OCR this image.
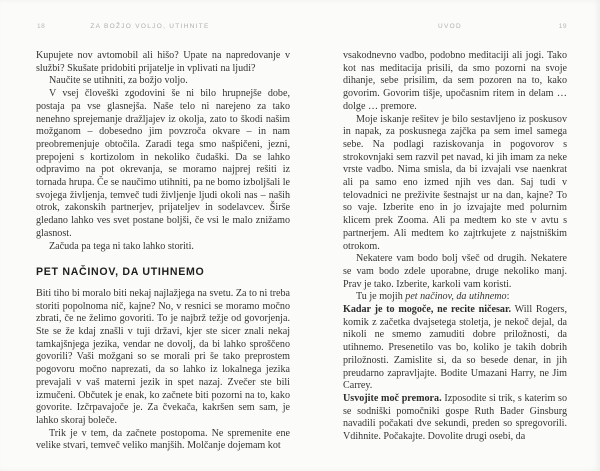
18	ZA BOŽJO VOLJO, UTIHNITE

Kupujete nov avtomobil ali hišo? Upate na napredovanje v službi? Skušate pridobiti prijatelje in vplivati na ljudi?

Naučite se utihniti, za božjo voljo.

V vsej človeški zgodovini še ni bilo hrupnejše dobe, postaja pa vse glasnejša. Naše telo ni narejeno za tako nenehno sprejemanje dražljajev iz okolja, zato to škodi našim možganom – dobesedno jim povzroča okvare – in nam preobremenjuje obtočila. Zaradi tega smo našpičeni, jezni, prepojeni s kortizolom in nekoliko čudaški. Da se lahko odpravimo na pot okrevanja, se moramo najprej rešiti iz tornada hrupa. Če se naučimo utihniti, pa ne bomo izboljšali le svojega življenja, temveč tudi življenje ljudi okoli nas – naših otrok, zakonskih partnerjev, prijateljev in sodelavcev. Širše gledano lahko ves svet postane boljši, če vsi le malo znižamo glasnost.

Začuda pa tega ni tako lahko storiti.

PET NAČINOV, DA UTIHNEMO

Biti tiho bi moralo biti nekaj najlažjega na svetu. Za to ni treba storiti popolnoma nič, kajne? No, v resnici se moramo močno zbrati, če ne želimo govoriti. To je najbrž težje od govorjenja. Ste se že kdaj znašli v tuji državi, kjer ste sicer znali nekaj tamkajšnjega jezika, vendar ne dovolj, da bi lahko sproščeno govorili? Vaši možgani so se morali pri še tako preprostem pogovoru močno naprezati, da so lahko iz lokalnega jezika prevajali v vaš materni jezik in spet nazaj. Zvečer ste bili izmučeni. Občutek je enak, ko začnete biti pozorni na to, kako govorite. Izčrpavajoče je. Za čvekača, kakršen sem sam, je lahko skoraj boleče.

Trik je v tem, da začnete postopoma. Ne spremenite ene velike stvari, temveč veliko manjših. Molčanje dojemam kot

UVOD	19

vsakodnevno vadbo, podobno meditaciji ali jogi. Tako kot nas meditacija prisili, da smo pozorni na svoje dihanje, sebe prisilim, da sem pozoren na to, kako govorim. Govorim tišje, upočasnim ritem in delam … dolge … premore.

Moje iskanje rešitev je bilo sestavljeno iz poskusov in napak, za poskusnega zajčka pa sem imel samega sebe. Na podlagi raziskovanja in pogovorov s strokovnjaki sem razvil pet navad, ki jih imam za neke vrste vadbo. Nima smisla, da bi izvajali vse naenkrat ali pa samo eno izmed njih ves dan. Saj tudi v telovadnici ne preživite šestnajst ur na dan, kajne? To so vaje. Izberite eno in jo izvajajte med polurnim klicem prek Zooma. Ali pa medtem ko ste v avtu s partnerjem. Ali medtem ko zajtrkujete z najstniškim otrokom.

Nekatere vam bodo bolj všeč od drugih. Nekatere se vam bodo zdele uporabne, druge nekoliko manj. Prav je tako. Izberite, karkoli vam koristi.

Tu je mojih pet načinov, da utihnemo:

Kadar je to mogoče, ne recite ničesar. Will Rogers, komik z začetka dvajsetega stoletja, je nekoč dejal, da nikoli ne smemo zamuditi dobre priložnosti, da utihnemo. Presenetilo vas bo, koliko je takih dobrih priložnosti. Zamislite si, da so besede denar, in jih preudarno zapravljajte. Bodite Umazani Harry, ne Jim Carrey.

Usvojite moč premora. Izposodite si trik, s katerim so se sodniški pomočniki gospe Ruth Bader Ginsburg navadili počakati dve sekundi, preden so spregovorili. Vdihnite. Počakajte. Dovolite drugi osebi, da
